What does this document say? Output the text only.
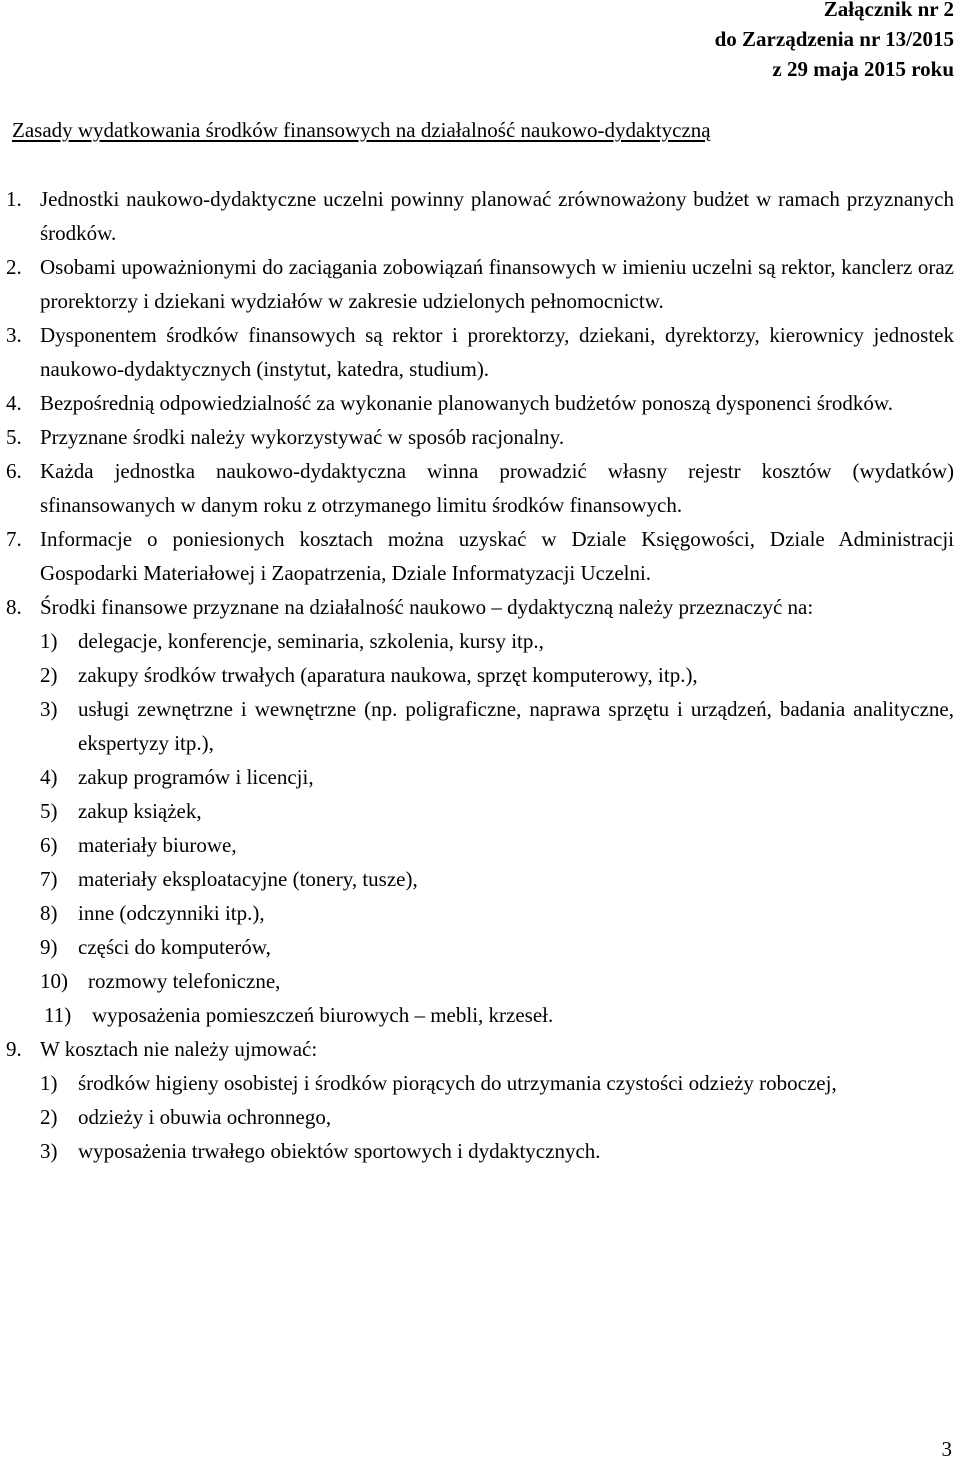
Załącznik nr 2
do Zarządzenia nr 13/2015
z 29 maja 2015 roku
Zasady wydatkowania środków finansowych na działalność naukowo-dydaktyczną
1. Jednostki naukowo-dydaktyczne uczelni powinny planować zrównoważony budżet w ramach przyznanych środków.
2. Osobami upoważnionymi do zaciągania zobowiązań finansowych w imieniu uczelni są rektor, kanclerz oraz prorektorzy i dziekani wydziałów w zakresie udzielonych pełnomocnictw.
3. Dysponentem środków finansowych są rektor i prorektorzy, dziekani, dyrektorzy, kierownicy jednostek naukowo-dydaktycznych (instytut, katedra, studium).
4. Bezpośrednią odpowiedzialność za wykonanie planowanych budżetów ponoszą dysponenci środków.
5. Przyznane środki należy wykorzystywać w sposób racjonalny.
6. Każda jednostka naukowo-dydaktyczna winna prowadzić własny rejestr kosztów (wydatków) sfinansowanych w danym roku z otrzymanego limitu środków finansowych.
7. Informacje o poniesionych kosztach można uzyskać w Dziale Księgowości, Dziale Administracji Gospodarki Materiałowej i Zaopatrzenia, Dziale Informatyzacji Uczelni.
8. Środki finansowe przyznane na działalność naukowo – dydaktyczną należy przeznaczyć na:
1) delegacje, konferencje, seminaria, szkolenia, kursy itp.,
2) zakupy środków trwałych (aparatura naukowa, sprzęt komputerowy, itp.),
3) usługi zewnętrzne i wewnętrzne (np. poligraficzne, naprawa sprzętu i urządzeń, badania analityczne, ekspertyzy itp.),
4) zakup programów i licencji,
5) zakup książek,
6) materiały biurowe,
7) materiały eksploatacyjne (tonery, tusze),
8) inne (odczynniki itp.),
9) części do komputerów,
10) rozmowy telefoniczne,
11) wyposażenia pomieszczeń biurowych – mebli, krzeseł.
9. W kosztach nie należy ujmować:
1) środków higieny osobistej i środków piorących do utrzymania czystości odzieży roboczej,
2) odzieży i obuwia ochronnego,
3) wyposażenia trwałego obiektów sportowych i dydaktycznych.
3
